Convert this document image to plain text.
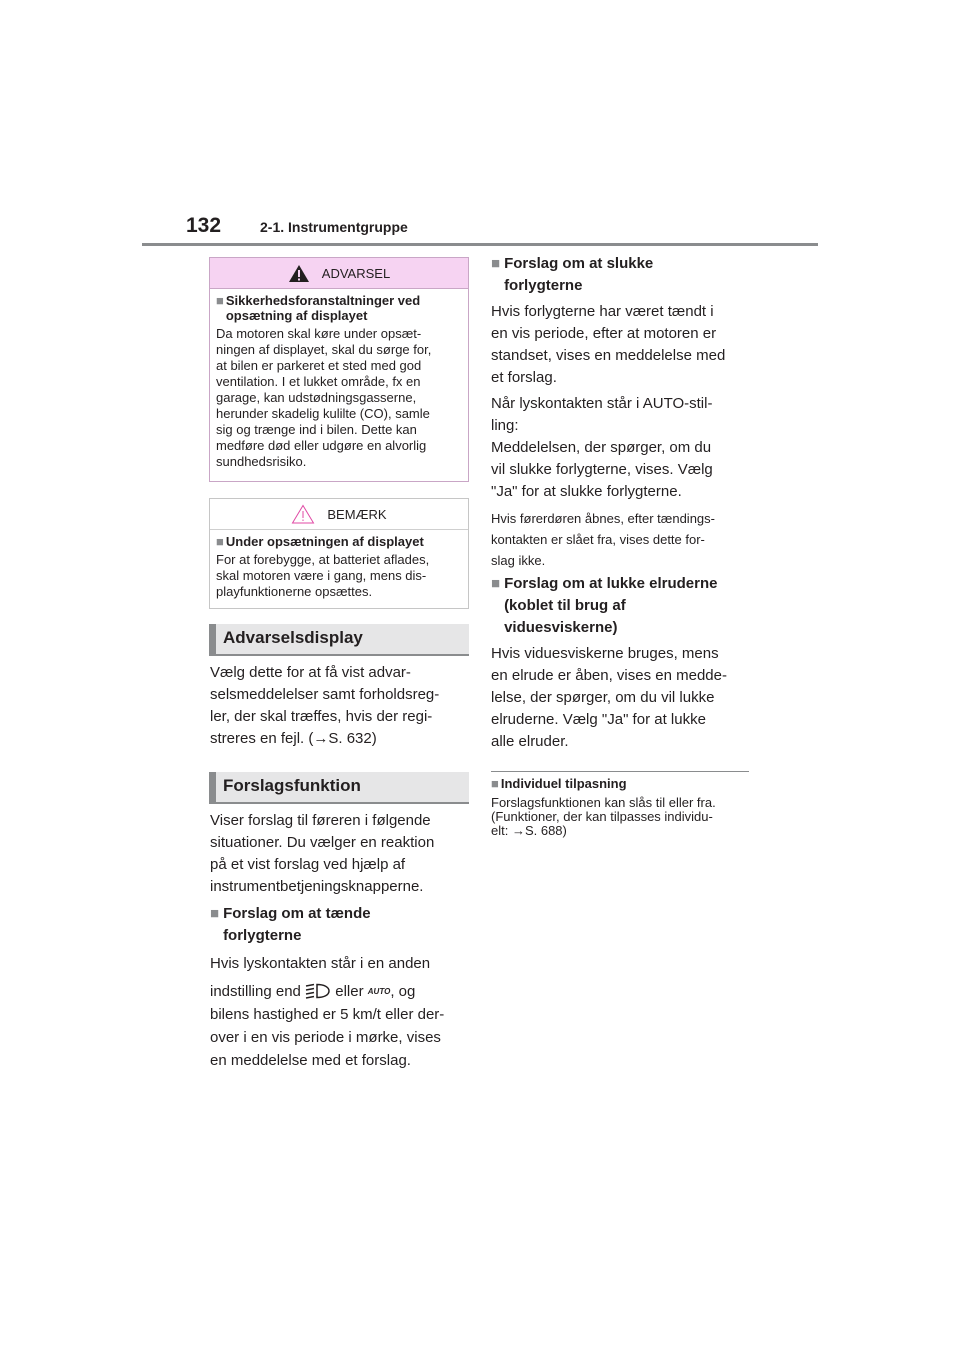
132	2-1. Instrumentgruppe
ADVARSEL
■ Sikkerhedsforanstaltninger ved opsætning af displayet
Da motoren skal køre under opsæt-
ningen af displayet, skal du sørge for,
at bilen er parkeret et sted med god
ventilation. I et lukket område, fx en
garage, kan udstødningsgasserne,
herunder skadelig kulilte (CO), samle
sig og trænge ind i bilen. Dette kan
medføre død eller udgøre en alvorlig
sundhedsrisiko.
BEMÆRK
■ Under opsætningen af displayet
For at forebygge, at batteriet aflades,
skal motoren være i gang, mens dis-
playfunktionerne opsættes.
Advarselsdisplay
Vælg dette for at få vist advar-
selsmeddelelser samt forholdsreg-
ler, der skal træffes, hvis der regi-
streres en fejl. (→S. 632)
Forslagsfunktion
Viser forslag til føreren i følgende
situationer. Du vælger en reaktion
på et vist forslag ved hjælp af
instrumentbetjeningsknapperne.
■ Forslag om at tænde
forlygterne
Hvis lyskontakten står i en anden
indstilling end eller AUTO, og
bilens hastighed er 5 km/t eller der-
over i en vis periode i mørke, vises
en meddelelse med et forslag.
■ Forslag om at slukke
forlygterne
Hvis forlygterne har været tændt i
en vis periode, efter at motoren er
standset, vises en meddelelse med
et forslag.
Når lyskontakten står i AUTO-stil-
ling:
Meddelelsen, der spørger, om du
vil slukke forlygterne, vises. Vælg
"Ja" for at slukke forlygterne.
Hvis førerdøren åbnes, efter tændings-
kontakten er slået fra, vises dette for-
slag ikke.
■ Forslag om at lukke elruderne
(koblet til brug af
viduesviskerne)
Hvis viduesviskerne bruges, mens
en elrude er åben, vises en medde-
lelse, der spørger, om du vil lukke
elruderne. Vælg "Ja" for at lukke
alle elruder.
■ Individuel tilpasning
Forslagsfunktionen kan slås til eller fra.
(Funktioner, der kan tilpasses individu-
elt: →S. 688)
